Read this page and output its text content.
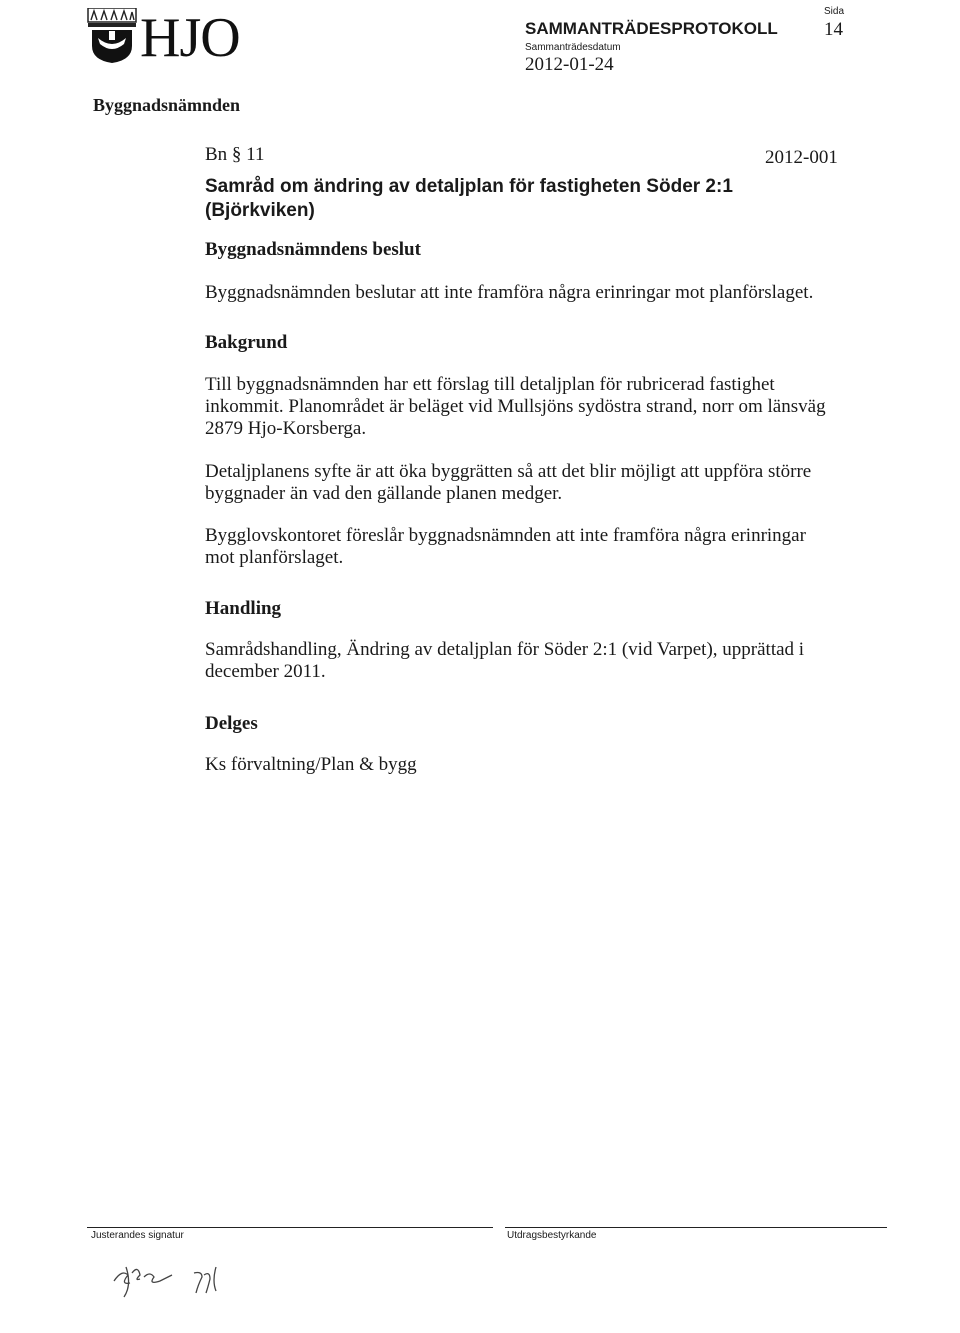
HJO	SAMMANTRÄDESPROTOKOLL
Sammanträdesdatum
2012-01-24
Sida
14
Byggnadsnämnden
Bn § 11	2012-001
Samråd om ändring av detaljplan för fastigheten Söder 2:1 (Björkviken)
Byggnadsnämndens beslut
Byggnadsnämnden beslutar att inte framföra några erinringar mot planförslaget.
Bakgrund
Till byggnadsnämnden har ett förslag till detaljplan för rubricerad fastighet inkommit. Planområdet är beläget vid Mullsjöns sydöstra strand, norr om länsväg 2879 Hjo-Korsberga.
Detaljplanens syfte är att öka byggrätten så att det blir möjligt att uppföra större byggnader än vad den gällande planen medger.
Bygglovskontoret föreslår byggnadsnämnden att inte framföra några erinringar mot planförslaget.
Handling
Samrådshandling, Ändring av detaljplan för Söder 2:1 (vid Varpet), upprättad i december 2011.
Delges
Ks förvaltning/Plan & bygg
Justerandes signatur	Utdragsbestyrkande
